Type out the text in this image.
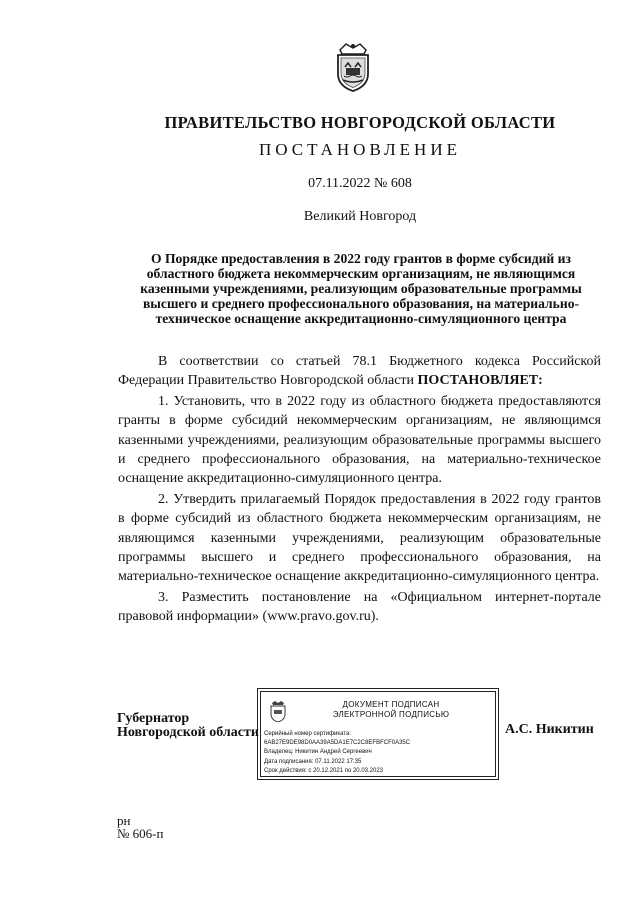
ПРАВИТЕЛЬСТВО НОВГОРОДСКОЙ ОБЛАСТИ
ПОСТАНОВЛЕНИЕ
07.11.2022 № 608
Великий Новгород
О Порядке предоставления в 2022 году грантов в форме субсидий из
областного бюджета некоммерческим организациям, не являющимся
казенными учреждениями, реализующим образовательные программы
высшего и среднего профессионального образования, на материально-
техническое оснащение аккредитационно-симуляционного центра

В соответствии со статьей 78.1 Бюджетного кодекса Российской Федерации Правительство Новгородской области ПОСТАНОВЛЯЕТ:

1. Установить, что в 2022 году из областного бюджета предоставляются гранты в форме субсидий некоммерческим организациям, не являющимся казенными учреждениями, реализующим образовательные программы высшего и среднего профессионального образования, на материально-техническое оснащение аккредитационно-симуляционного центра.

2. Утвердить прилагаемый Порядок предоставления в 2022 году грантов в форме субсидий из областного бюджета некоммерческим организациям, не являющимся казенными учреждениями, реализующим образовательные программы высшего и среднего профессионального образования, на материально-техническое оснащение аккредитационно-симуляционного центра.

3. Разместить постановление на «Официальном интернет-портале правовой информации» (www.pravo.gov.ru).

Губернатор
Новгородской области
ДОКУМЕНТ ПОДПИСАН
ЭЛЕКТРОННОЙ ПОДПИСЬЮ
Серийный номер сертификата:
6AB27E9DE98D0AA39A5DA1E7C2C8EFBFCF0A35C
Владелец: Никитин Андрей Сергеевич
Дата подписания: 07.11.2022 17:35
Срок действия: с 20.12.2021 по 20.03.2023
А.С. Никитин
рн
№ 606-п
